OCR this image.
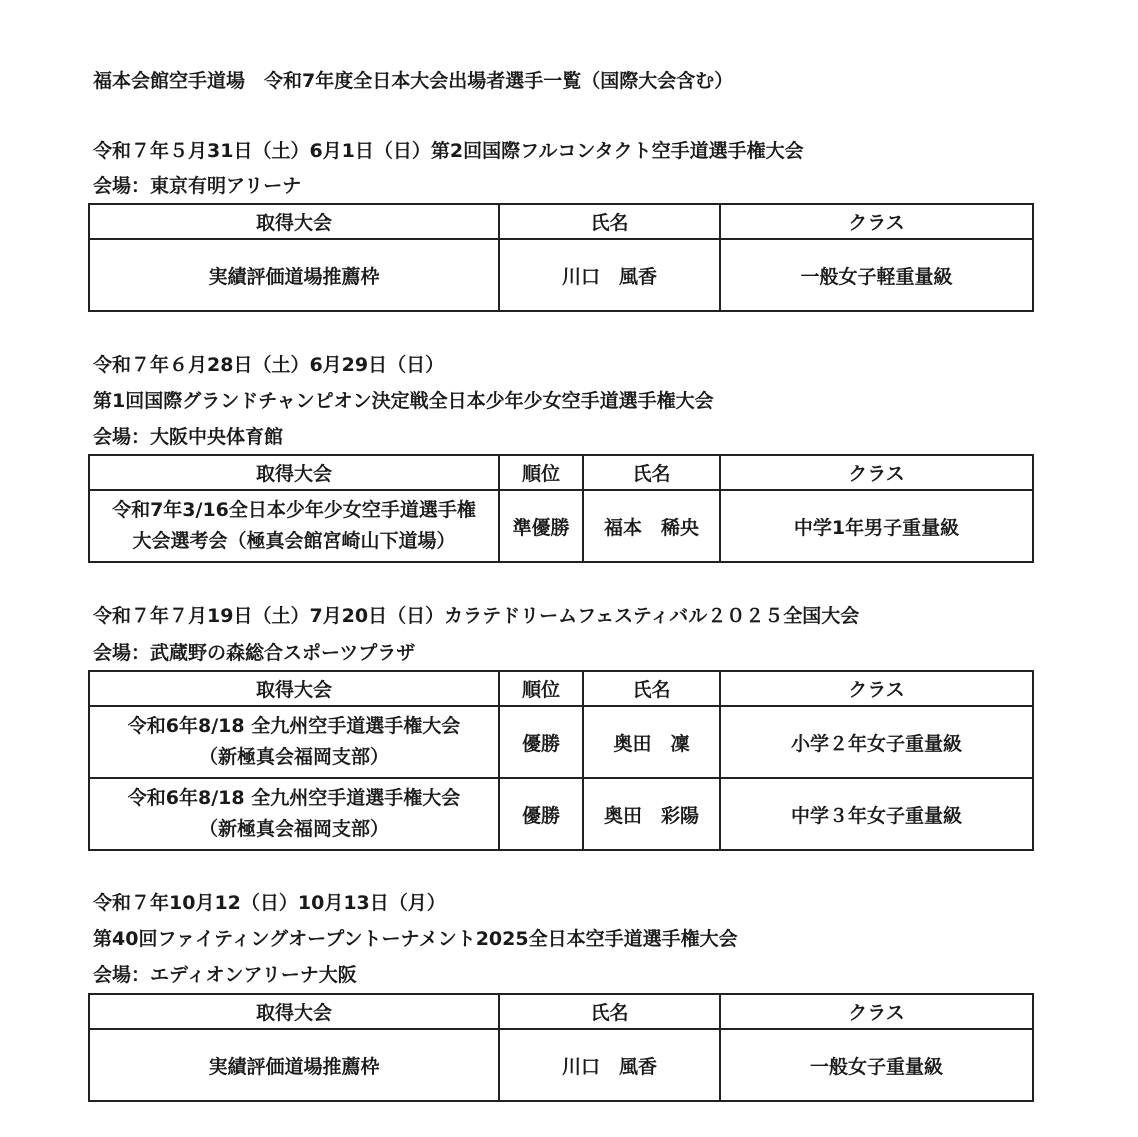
福本会館空手道場　令和7年度全日本大会出場者選手一覧（国際大会含む）
令和７年５月31日（土）6月1日（日）第2回国際フルコンタクト空手道選手権大会
会場：東京有明アリーナ
取得大会	氏名	クラス
実績評価道場推薦枠	川口　風香	一般女子軽重量級
令和７年６月28日（土）6月29日（日）
第1回国際グランドチャンピオン決定戦全日本少年少女空手道選手権大会
会場：大阪中央体育館
取得大会	順位	氏名	クラス

令和7年3/16全日本少年少女空手道選手権
大会選考会（極真会館宮崎山下道場）	準優勝	福本　稀央	中学1年男子重量級
令和７年７月19日（土）7月20日（日）カラテドリームフェスティバル２０２５全国大会
会場：武蔵野の森総合スポーツプラザ
取得大会	順位	氏名	クラス

令和6年8/18 全九州空手道選手権大会
（新極真会福岡支部）	優勝	奥田　凜	小学２年女子重量級

令和6年8/18 全九州空手道選手権大会
（新極真会福岡支部）	優勝	奥田　彩陽	中学３年女子重量級
令和７年10月12（日）10月13日（月）
第40回ファイティングオープントーナメント2025全日本空手道選手権大会
会場：エディオンアリーナ大阪
取得大会	氏名	クラス
実績評価道場推薦枠	川口　風香	一般女子重量級
